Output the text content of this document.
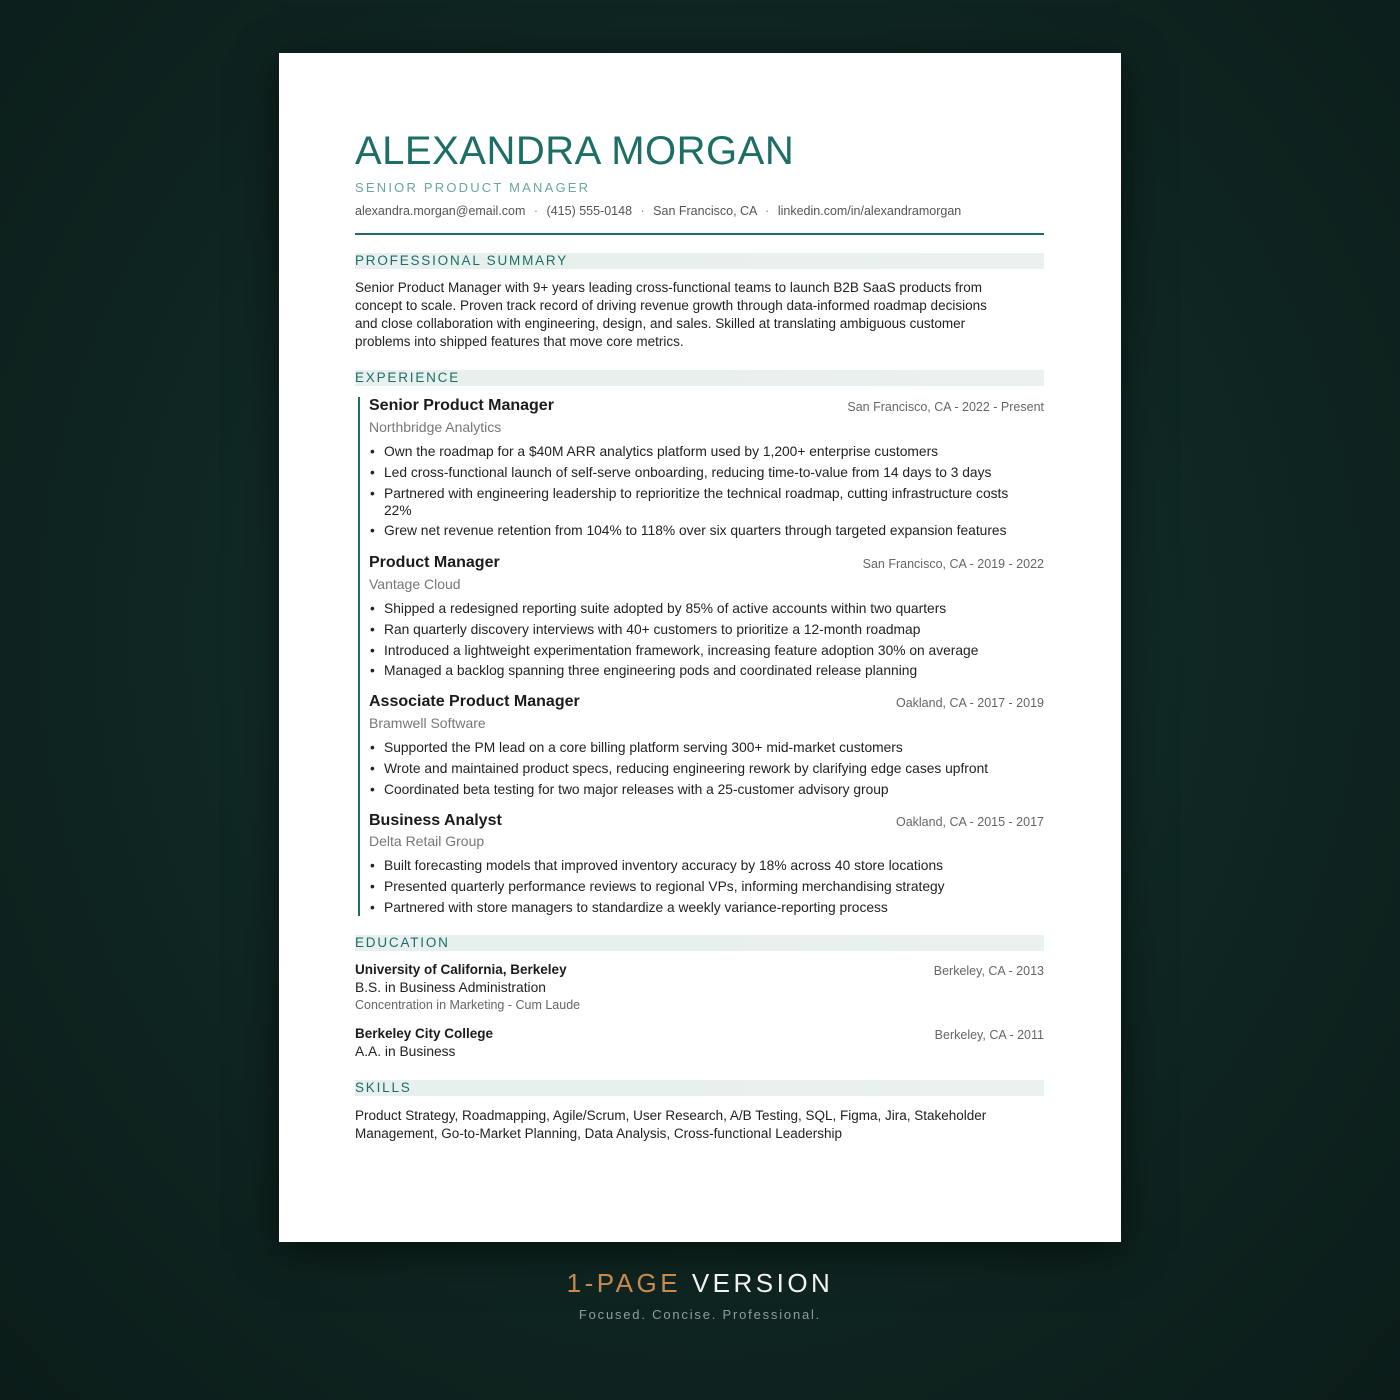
ALEXANDRA MORGAN
SENIOR PRODUCT MANAGER
alexandra.morgan@email.com · (415) 555-0148 · San Francisco, CA · linkedin.com/in/alexandramorgan
PROFESSIONAL SUMMARY
Senior Product Manager with 9+ years leading cross-functional teams to launch B2B SaaS products from concept to scale. Proven track record of driving revenue growth through data-informed roadmap decisions and close collaboration with engineering, design, and sales. Skilled at translating ambiguous customer problems into shipped features that move core metrics.
EXPERIENCE
Senior Product Manager	San Francisco, CA - 2022 - Present
Northbridge Analytics
• Own the roadmap for a $40M ARR analytics platform used by 1,200+ enterprise customers
• Led cross-functional launch of self-serve onboarding, reducing time-to-value from 14 days to 3 days
• Partnered with engineering leadership to reprioritize the technical roadmap, cutting infrastructure costs 22%
• Grew net revenue retention from 104% to 118% over six quarters through targeted expansion features
Product Manager	San Francisco, CA - 2019 - 2022
Vantage Cloud
• Shipped a redesigned reporting suite adopted by 85% of active accounts within two quarters
• Ran quarterly discovery interviews with 40+ customers to prioritize a 12-month roadmap
• Introduced a lightweight experimentation framework, increasing feature adoption 30% on average
• Managed a backlog spanning three engineering pods and coordinated release planning
Associate Product Manager	Oakland, CA - 2017 - 2019
Bramwell Software
• Supported the PM lead on a core billing platform serving 300+ mid-market customers
• Wrote and maintained product specs, reducing engineering rework by clarifying edge cases upfront
• Coordinated beta testing for two major releases with a 25-customer advisory group
Business Analyst	Oakland, CA - 2015 - 2017
Delta Retail Group
• Built forecasting models that improved inventory accuracy by 18% across 40 store locations
• Presented quarterly performance reviews to regional VPs, informing merchandising strategy
• Partnered with store managers to standardize a weekly variance-reporting process
EDUCATION
University of California, Berkeley	Berkeley, CA - 2013
B.S. in Business Administration
Concentration in Marketing - Cum Laude
Berkeley City College	Berkeley, CA - 2011
A.A. in Business
SKILLS
Product Strategy, Roadmapping, Agile/Scrum, User Research, A/B Testing, SQL, Figma, Jira, Stakeholder Management, Go-to-Market Planning, Data Analysis, Cross-functional Leadership
1-PAGE VERSION
Focused. Concise. Professional.
